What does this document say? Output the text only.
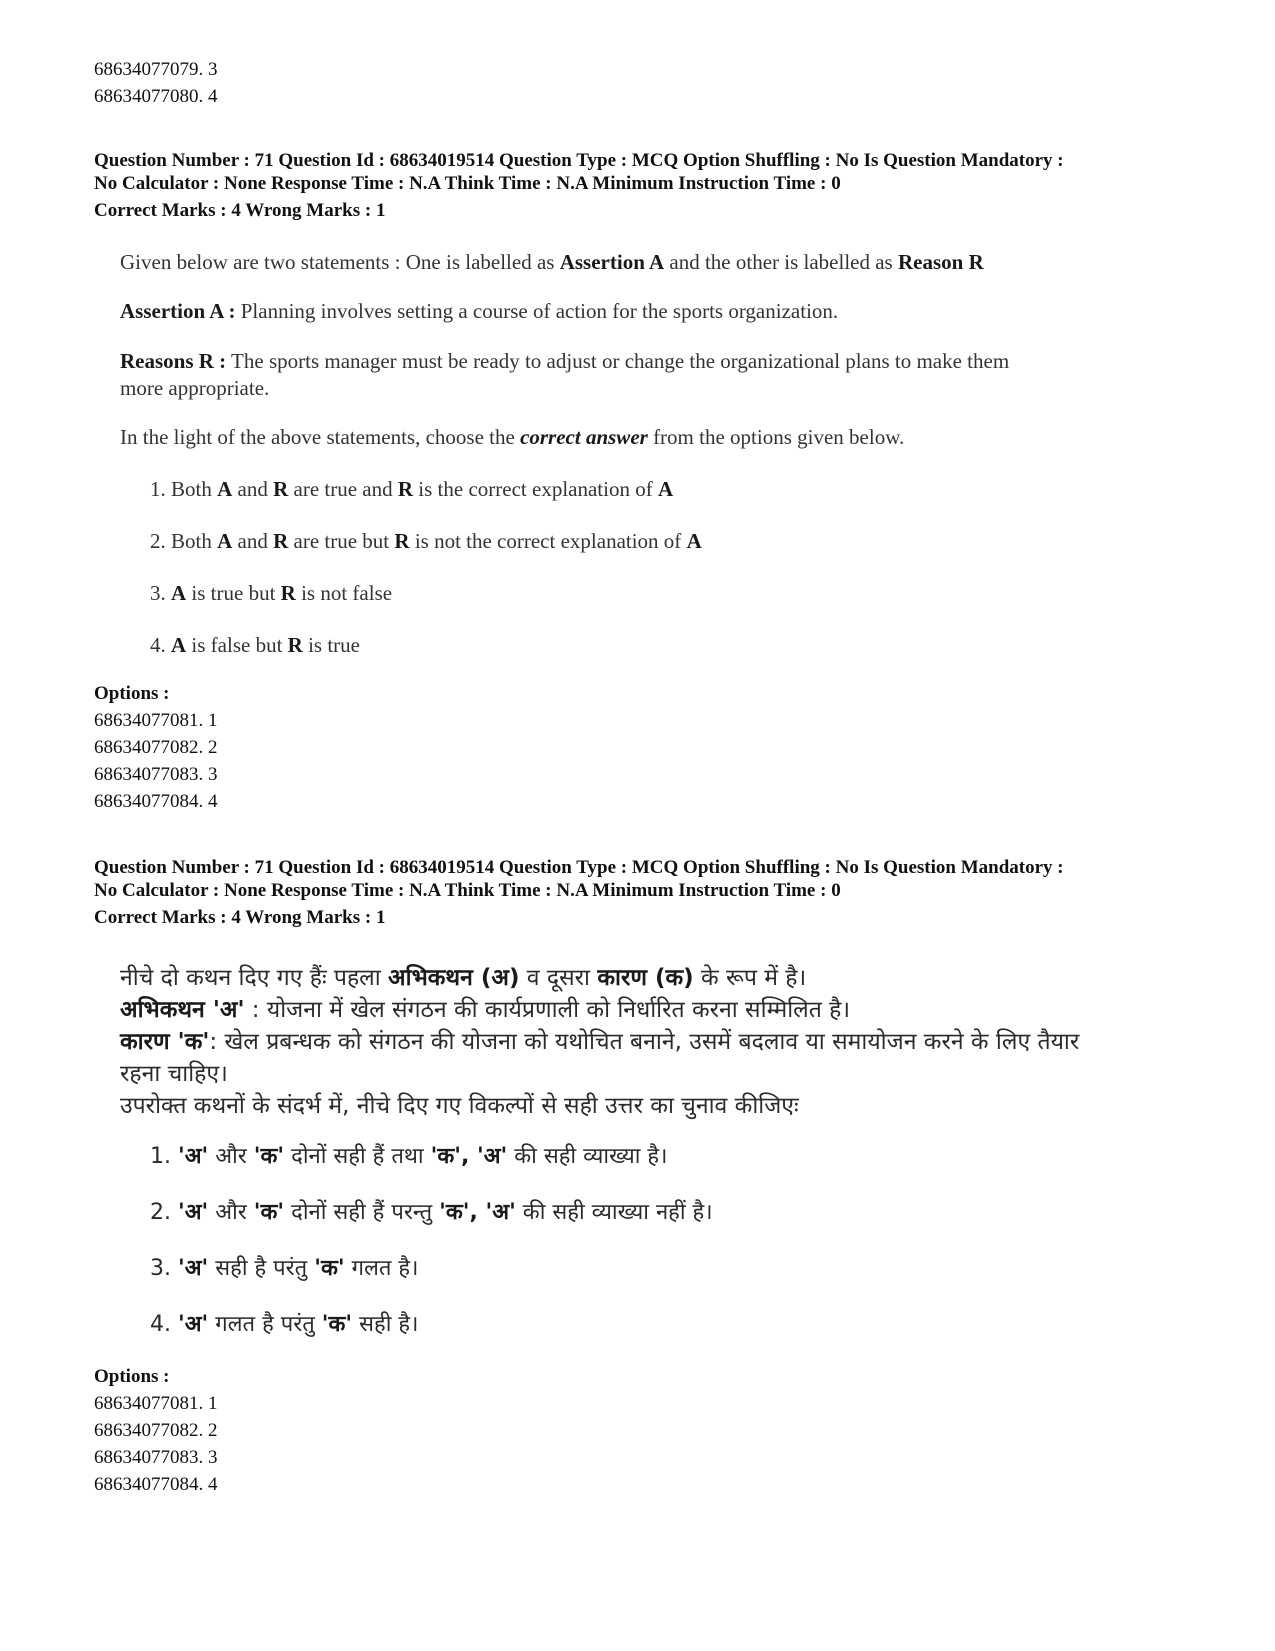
68634077079. 3
68634077080. 4
Question Number : 71 Question Id : 68634019514 Question Type : MCQ Option Shuffling : No Is Question Mandatory :
No Calculator : None Response Time : N.A Think Time : N.A Minimum Instruction Time : 0
Correct Marks : 4 Wrong Marks : 1
Given below are two statements : One is labelled as Assertion A and the other is labelled as Reason R
Assertion A : Planning involves setting a course of action for the sports organization.
Reasons R : The sports manager must be ready to adjust or change the organizational plans to make them
more appropriate.
In the light of the above statements, choose the correct answer from the options given below.
1. Both A and R are true and R is the correct explanation of A
2. Both A and R are true but R is not the correct explanation of A
3. A is true but R is not false
4. A is false but R is true
Options :
68634077081. 1
68634077082. 2
68634077083. 3
68634077084. 4
Question Number : 71 Question Id : 68634019514 Question Type : MCQ Option Shuffling : No Is Question Mandatory :
No Calculator : None Response Time : N.A Think Time : N.A Minimum Instruction Time : 0
Correct Marks : 4 Wrong Marks : 1
नीचे दो कथन दिए गए हैंः पहला अभिकथन (अ) व दूसरा कारण (क) के रूप में है।
अभिकथन 'अ' : योजना में खेल संगठन की कार्यप्रणाली को निर्धारित करना सम्मिलित है।
कारण 'क': खेल प्रबन्धक को संगठन की योजना को यथोचित बनाने, उसमें बदलाव या समायोजन करने के लिए तैयार
रहना चाहिए।
उपरोक्त कथनों के संदर्भ में, नीचे दिए गए विकल्पों से सही उत्तर का चुनाव कीजिएः
1. 'अ' और 'क' दोनों सही हैं तथा 'क', 'अ' की सही व्याख्या है।
2. 'अ' और 'क' दोनों सही हैं परन्तु 'क', 'अ' की सही व्याख्या नहीं है।
3. 'अ' सही है परंतु 'क' गलत है।
4. 'अ' गलत है परंतु 'क' सही है।
Options :
68634077081. 1
68634077082. 2
68634077083. 3
68634077084. 4
